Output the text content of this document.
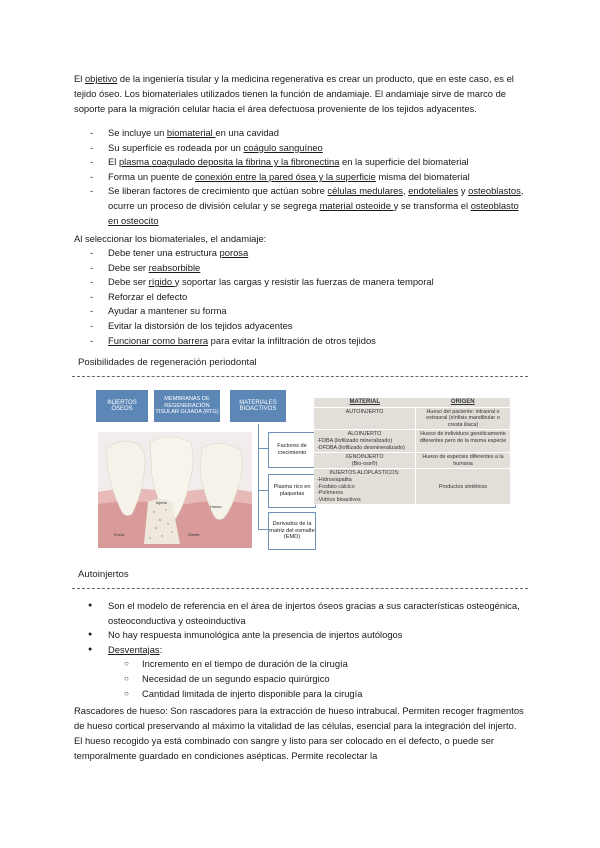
El objetivo de la ingeniería tisular y la medicina regenerativa es crear un producto, que en este caso, es el tejido óseo. Los biomateriales utilizados tienen la función de andamiaje. El andamiaje sirve de marco de soporte para la migración celular hacia el área defectuosa proveniente de los tejidos adyacentes.
- Se incluye un biomaterial en una cavidad
- Su superficie es rodeada por un coágulo sanguíneo
- El plasma coagulado deposita la fibrina y la fibronectina en la superficie del biomaterial
- Forma un puente de conexión entre la pared ósea y la superficie misma del biomaterial
- Se liberan factores de crecimiento que actúan sobre células medulares, endoteliales y osteoblastos, ocurre un proceso de división celular y se segrega material osteoide y se transforma el osteoblasto en osteocito
Al seleccionar los biomateriales, el andamiaje:
- Debe tener una estructura porosa
- Debe ser reabsorbible
- Debe ser rígido y soportar las cargas y resistir las fuerzas de manera temporal
- Reforzar el defecto
- Ayudar a mantener su forma
- Evitar la distorsión de los tejidos adyacentes
- Funcionar como barrera para evitar la infiltración de otros tejidos
Posibilidades de regeneración periodontal
INJERTOS ÓSEOS
MEMBRANAS DE REGENERACIÓN TISULAR GUIADA (RTG)
MATERIALES BIOACTIVOS
Factores de crecimiento
Plasma rico en plaquetas
Derivados de la matriz del esmalte (EMD)
Injerto
Hueso
Encía	Diente
MATERIAL	ORIGEN
AUTOINJERTO	Hueso del paciente: intraoral o extraoral (sínfisis mandibular o cresta iliaca)

ALOINJERTO
-FDBA (liofilizado mineralizado)
-DFDBA (liofilizado desmineralizado)	Hueso de individuos genéticamente diferentes pero de la misma especie

XENOINJERTO
(Bio-oss®)	Hueso de especies diferentes a la humana

INJERTOS ALOPLÁSTICOS:
-Hidroxiapatita
-Fosfato cálcico
-Polímeros
-Vidrios bioactivos	Productos sintéticos
Autoinjertos
● Son el modelo de referencia en el área de injertos óseos gracias a sus características osteogénica, osteoconductiva y osteoinductiva
● No hay respuesta inmunológica ante la presencia de injertos autólogos
● Desventajas:
○ Incremento en el tiempo de duración de la cirugía
○ Necesidad de un segundo espacio quirúrgico
○ Cantidad limitada de injerto disponible para la cirugía
Rascadores de hueso: Son rascadores para la extracción de hueso intrabucal. Permiten recoger fragmentos de hueso cortical preservando al máximo la vitalidad de las células, esencial para la integración del injerto. El hueso recogido ya está combinado con sangre y listo para ser colocado en el defecto, o puede ser temporalmente guardado en condiciones asépticas. Permite recolectar la
